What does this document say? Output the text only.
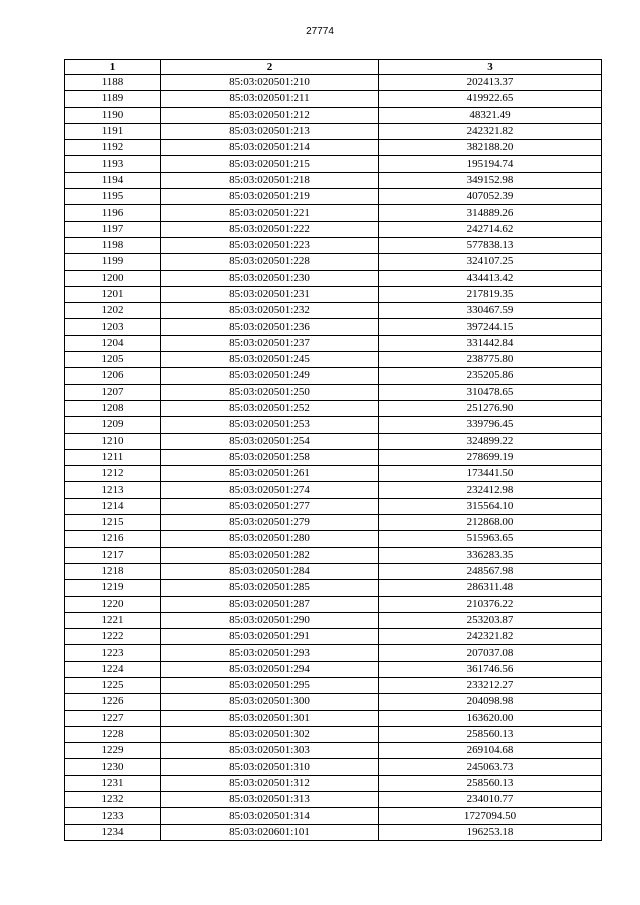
27774
1	2	3
1188	85:03:020501:210	202413.37
1189	85:03:020501:211	419922.65
1190	85:03:020501:212	48321.49
1191	85:03:020501:213	242321.82
1192	85:03:020501:214	382188.20
1193	85:03:020501:215	195194.74
1194	85:03:020501:218	349152.98
1195	85:03:020501:219	407052.39
1196	85:03:020501:221	314889.26
1197	85:03:020501:222	242714.62
1198	85:03:020501:223	577838.13
1199	85:03:020501:228	324107.25
1200	85:03:020501:230	434413.42
1201	85:03:020501:231	217819.35
1202	85:03:020501:232	330467.59
1203	85:03:020501:236	397244.15
1204	85:03:020501:237	331442.84
1205	85:03:020501:245	238775.80
1206	85:03:020501:249	235205.86
1207	85:03:020501:250	310478.65
1208	85:03:020501:252	251276.90
1209	85:03:020501:253	339796.45
1210	85:03:020501:254	324899.22
1211	85:03:020501:258	278699.19
1212	85:03:020501:261	173441.50
1213	85:03:020501:274	232412.98
1214	85:03:020501:277	315564.10
1215	85:03:020501:279	212868.00
1216	85:03:020501:280	515963.65
1217	85:03:020501:282	336283.35
1218	85:03:020501:284	248567.98
1219	85:03:020501:285	286311.48
1220	85:03:020501:287	210376.22
1221	85:03:020501:290	253203.87
1222	85:03:020501:291	242321.82
1223	85:03:020501:293	207037.08
1224	85:03:020501:294	361746.56
1225	85:03:020501:295	233212.27
1226	85:03:020501:300	204098.98
1227	85:03:020501:301	163620.00
1228	85:03:020501:302	258560.13
1229	85:03:020501:303	269104.68
1230	85:03:020501:310	245063.73
1231	85:03:020501:312	258560.13
1232	85:03:020501:313	234010.77
1233	85:03:020501:314	1727094.50
1234	85:03:020601:101	196253.18
